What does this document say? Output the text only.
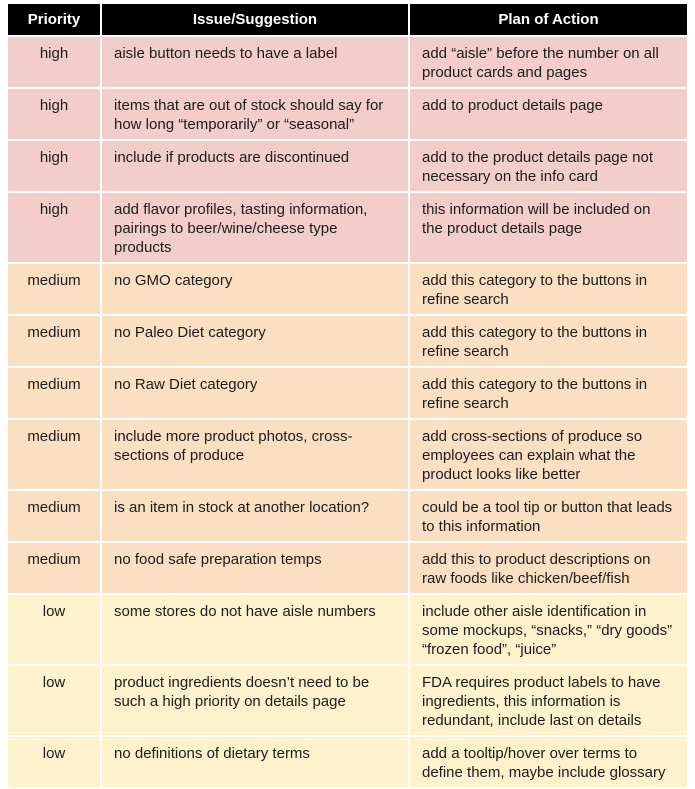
Priority	Issue/Suggestion	Plan of Action
high	aisle button needs to have a label	add “aisle” before the number on all product cards and pages
high	items that are out of stock should say for how long “temporarily” or “seasonal”	add to product details page
high	include if products are discontinued	add to the product details page not necessary on the info card
high	add flavor profiles, tasting information, pairings to beer/wine/cheese type products	this information will be included on the product details page
medium	no GMO category	add this category to the buttons in refine search
medium	no Paleo Diet category	add this category to the buttons in refine search
medium	no Raw Diet category	add this category to the buttons in refine search
medium	include more product photos, cross-sections of produce	add cross-sections of produce so employees can explain what the product looks like better
medium	is an item in stock at another location?	could be a tool tip or button that leads to this information
medium	no food safe preparation temps	add this to product descriptions on raw foods like chicken/beef/fish
low	some stores do not have aisle numbers	include other aisle identification in some mockups, “snacks,” “dry goods” “frozen food”, “juice”
low	product ingredients doesn’t need to be such a high priority on details page	FDA requires product labels to have ingredients, this information is redundant, include last on details
low	no definitions of dietary terms	add a tooltip/hover over terms to define them, maybe include glossary
